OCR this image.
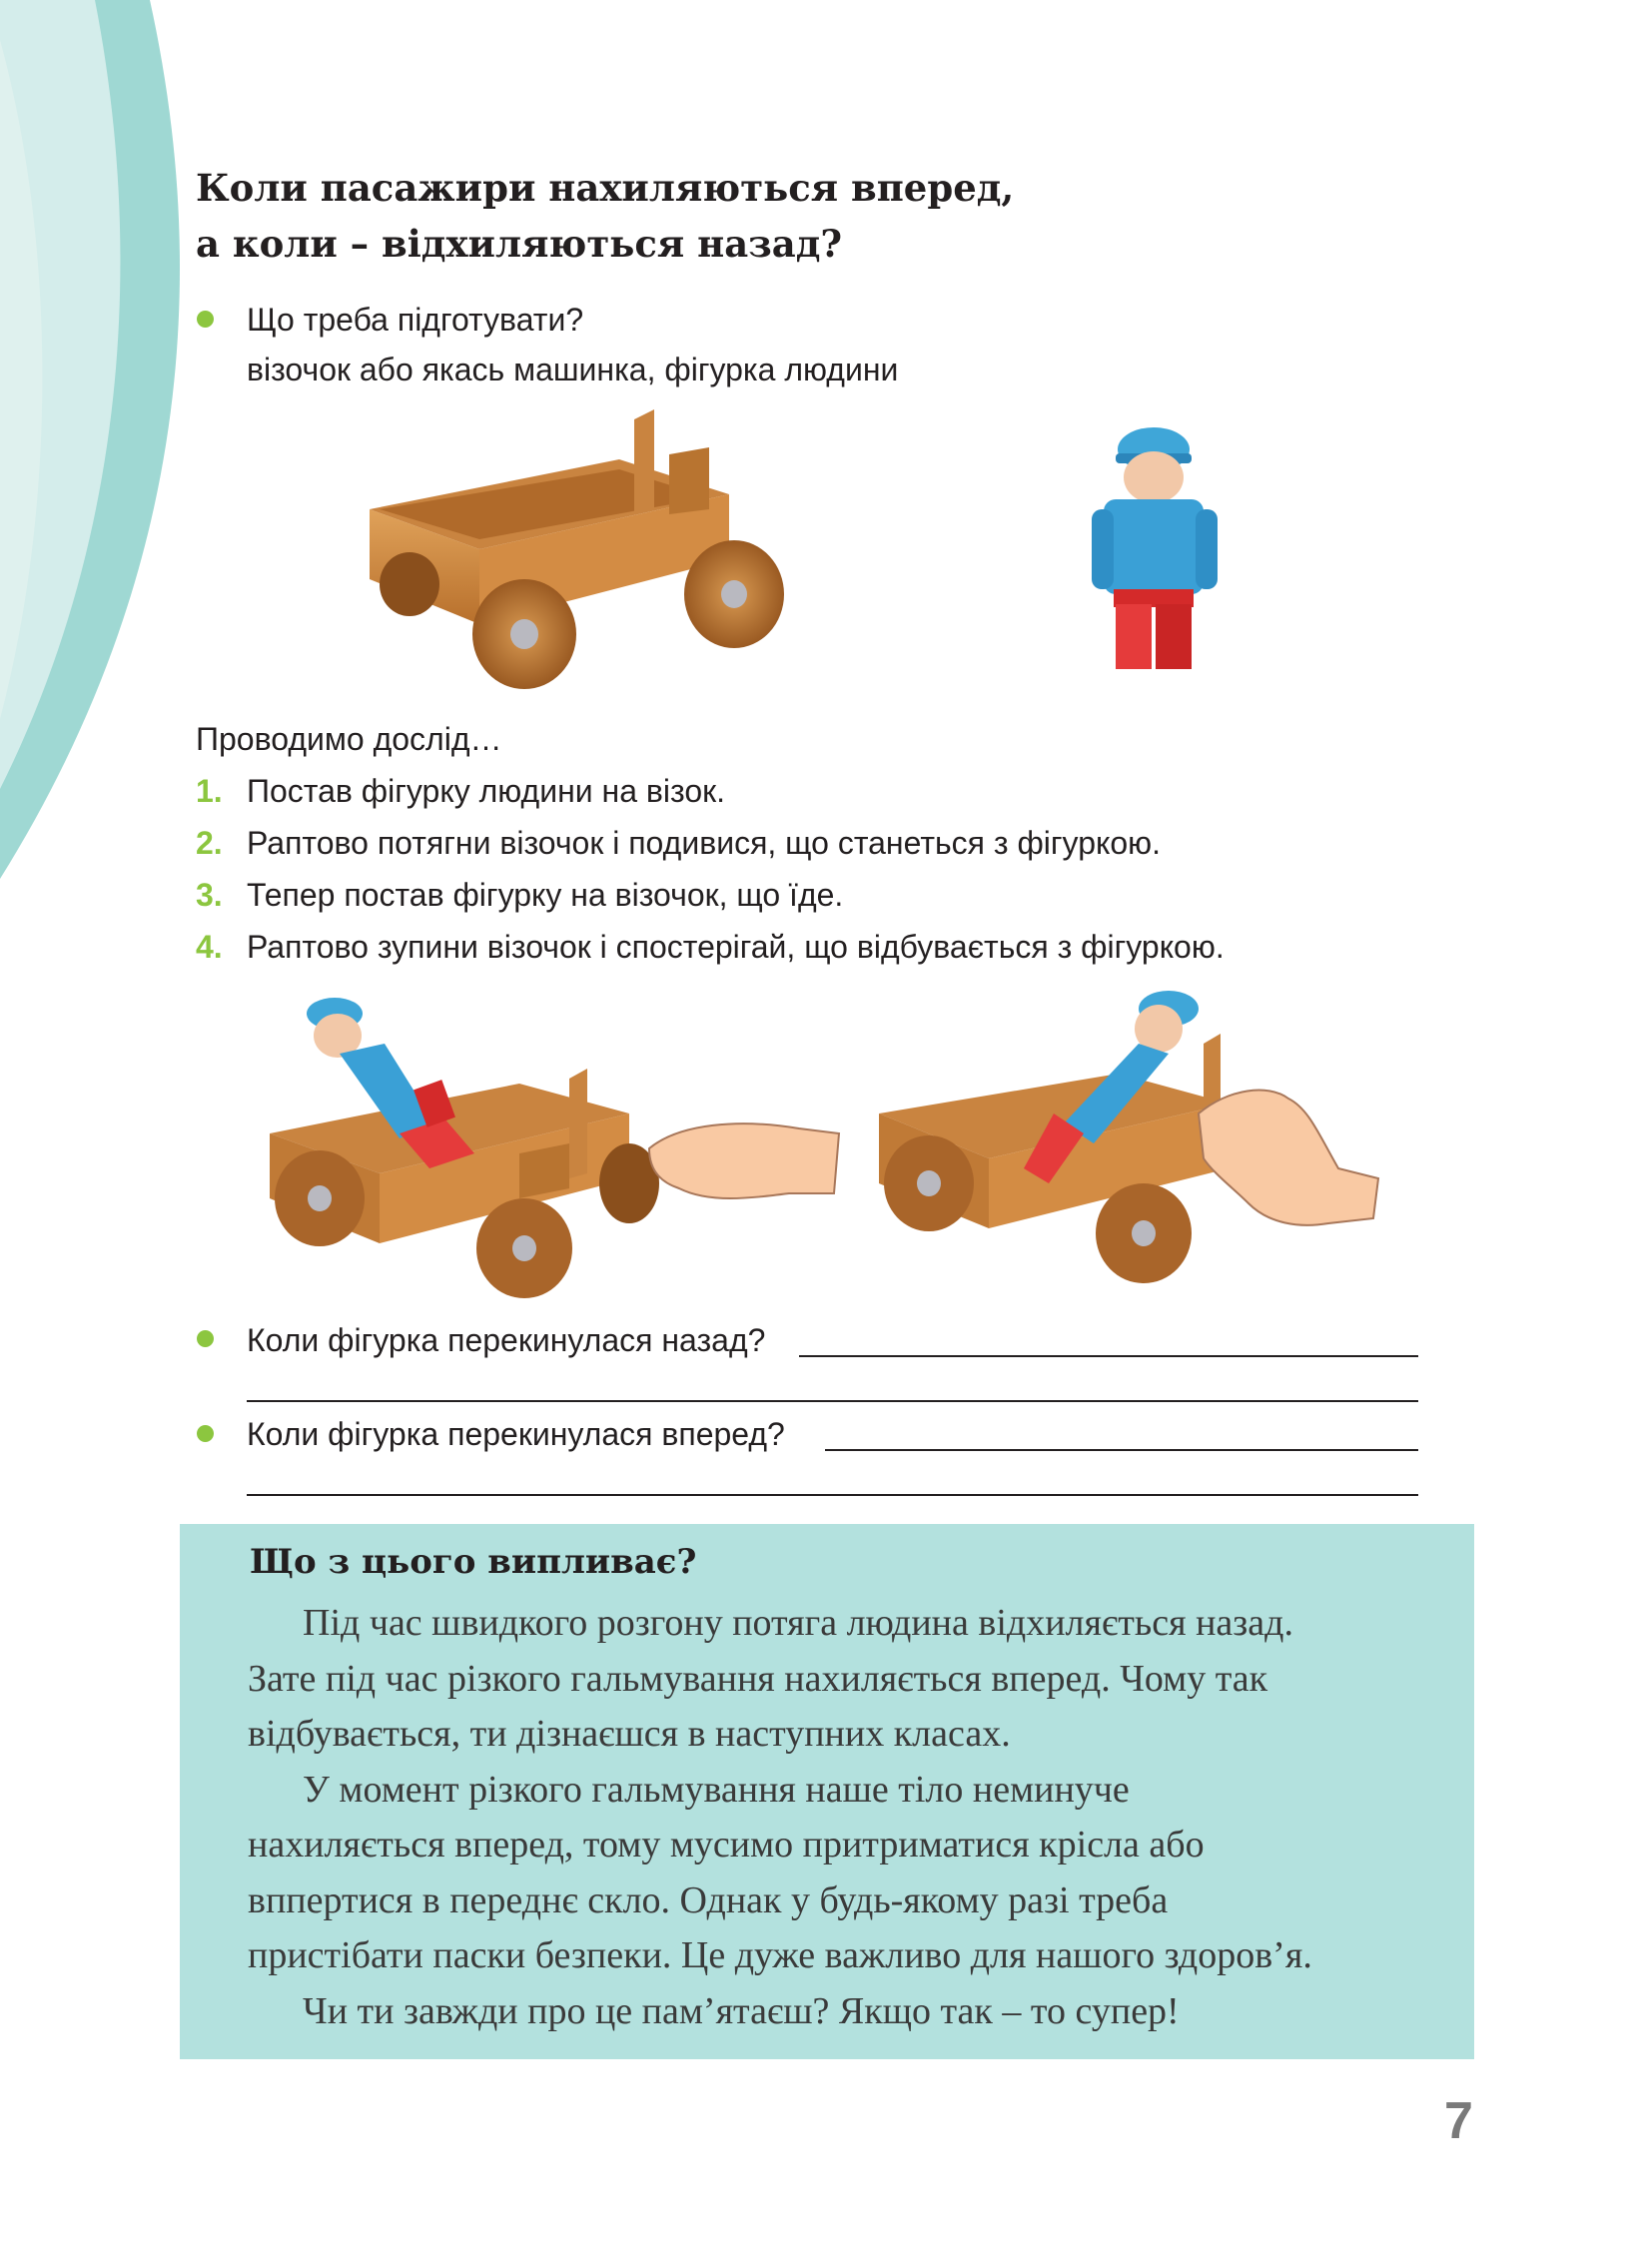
Коли пасажири нахиляються вперед,
а коли – відхиляються назад?
Що треба підготувати?
візочок або якась машинка, фігурка людини
Проводимо дослід…
1. Постав фігурку людини на візок.
2. Раптово потягни візочок і подивися, що станеться з фігуркою.
3. Тепер постав фігурку на візочок, що їде.
4. Раптово зупини візочок і спостерігай, що відбувається з фігуркою.
Коли фігурка перекинулася назад?
Коли фігурка перекинулася вперед?
Що з цього випливає?
Під час швидкого розгону потяга людина відхиляється назад.
Зате під час різкого гальмування нахиляється вперед. Чому так
відбувається, ти дізнаєшся в наступних класах.
У момент різкого гальмування наше тіло неминуче
нахиляється вперед, тому мусимо притриматися крісла або
вппертися в переднє скло. Однак у будь-якому разі треба
пристібати паски безпеки. Це дуже важливо для нашого здоров’я.
Чи ти завжди про це пам’ятаєш? Якщо так – то супер!
7
